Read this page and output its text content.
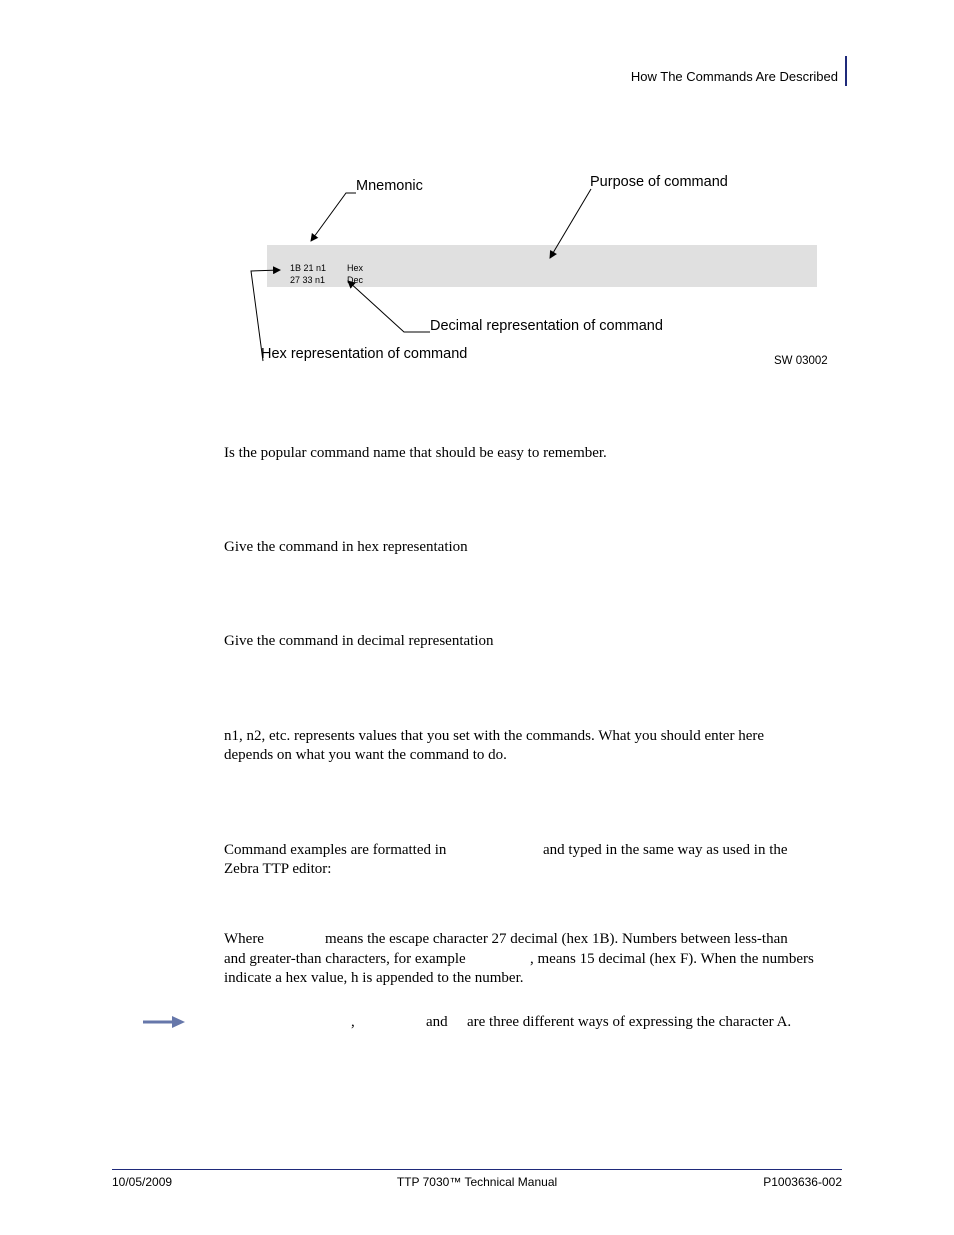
How The Commands Are Described
1B 21 n1 Hex
27 33 n1 Dec
Mnemonic	Purpose of command
Decimal representation of command
Hex representation of command	SW 03002
Is the popular command name that should be easy to remember.
Give the command in hex representation
Give the command in decimal representation
n1, n2, etc. represents values that you set with the commands. What you should enter here
depends on what you want the command to do.
Command examples are formatted in	and typed in the same way as used in the
Zebra TTP editor:
Where	means the escape character 27 decimal (hex 1B). Numbers between less-than
and greater-than characters, for example	, means 15 decimal (hex F). When the numbers
indicate a hex value, h is appended to the number.
,	and are three different ways of expressing the character A.
10/05/2009	TTP 7030™ Technical Manual	P1003636-002
